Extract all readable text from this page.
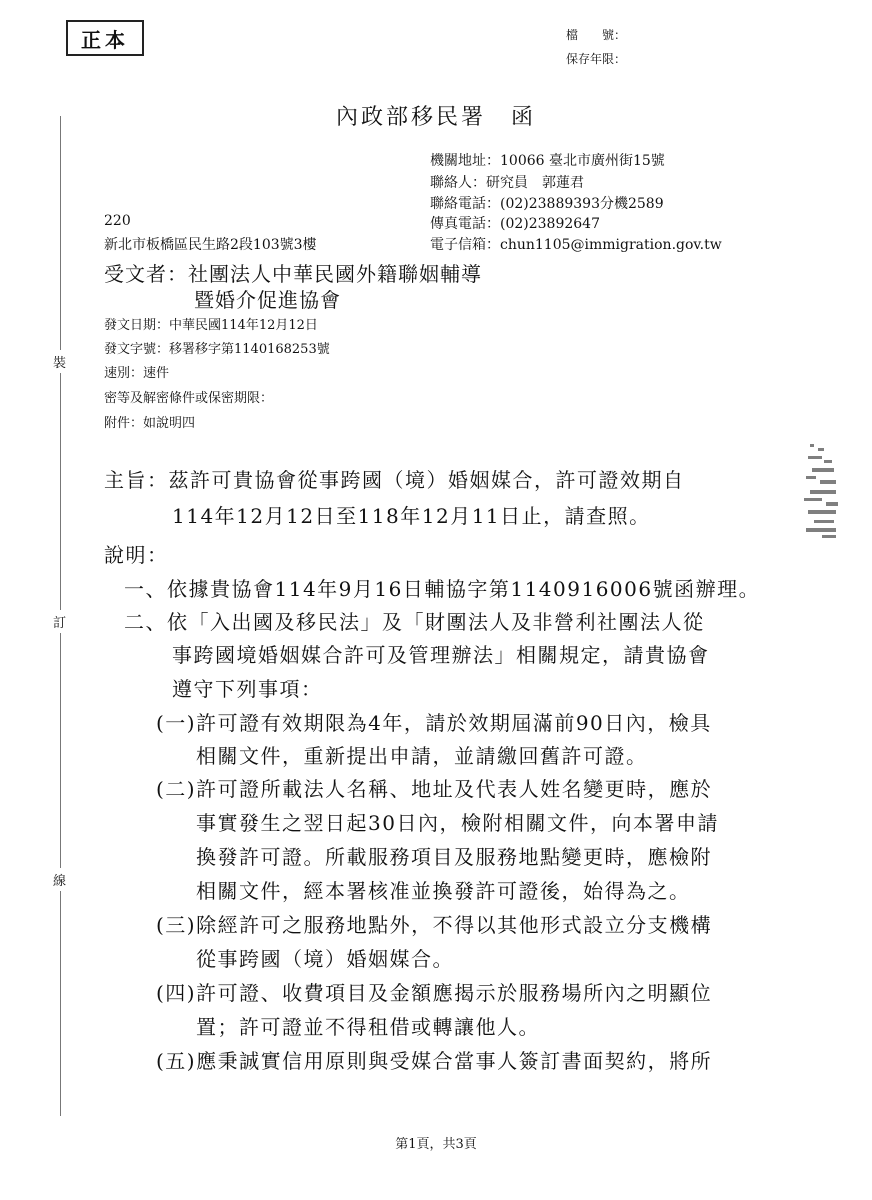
正本	檔　　號：
保存年限：
裝
訂
線
內政部移民署　函
機關地址：10066 臺北市廣州街15號
聯絡人：研究員　郭蓮君
聯絡電話：(02)23889393分機2589
傳真電話：(02)23892647
電子信箱：chun1105@immigration.gov.tw
220
新北市板橋區民生路2段103號3樓
受文者：社團法人中華民國外籍聯姻輔導
暨婚介促進協會
發文日期：中華民國114年12月12日
發文字號：移署移字第1140168253號
速別：速件
密等及解密條件或保密期限：
附件：如說明四
主旨：茲許可貴協會從事跨國（境）婚姻媒合，許可證效期自
114年12月12日至118年12月11日止，請查照。
說明：
一、依據貴協會114年9月16日輔協字第1140916006號函辦理。
二、依「入出國及移民法」及「財團法人及非營利社團法人從
事跨國境婚姻媒合許可及管理辦法」相關規定，請貴協會
遵守下列事項：
(一)許可證有效期限為4年，請於效期屆滿前90日內，檢具
相關文件，重新提出申請，並請繳回舊許可證。
(二)許可證所載法人名稱、地址及代表人姓名變更時，應於
事實發生之翌日起30日內，檢附相關文件，向本署申請
換發許可證。所載服務項目及服務地點變更時，應檢附
相關文件，經本署核准並換發許可證後，始得為之。
(三)除經許可之服務地點外，不得以其他形式設立分支機構
從事跨國（境）婚姻媒合。
(四)許可證、收費項目及金額應揭示於服務場所內之明顯位
置；許可證並不得租借或轉讓他人。
(五)應秉誠實信用原則與受媒合當事人簽訂書面契約，將所
第1頁，共3頁
